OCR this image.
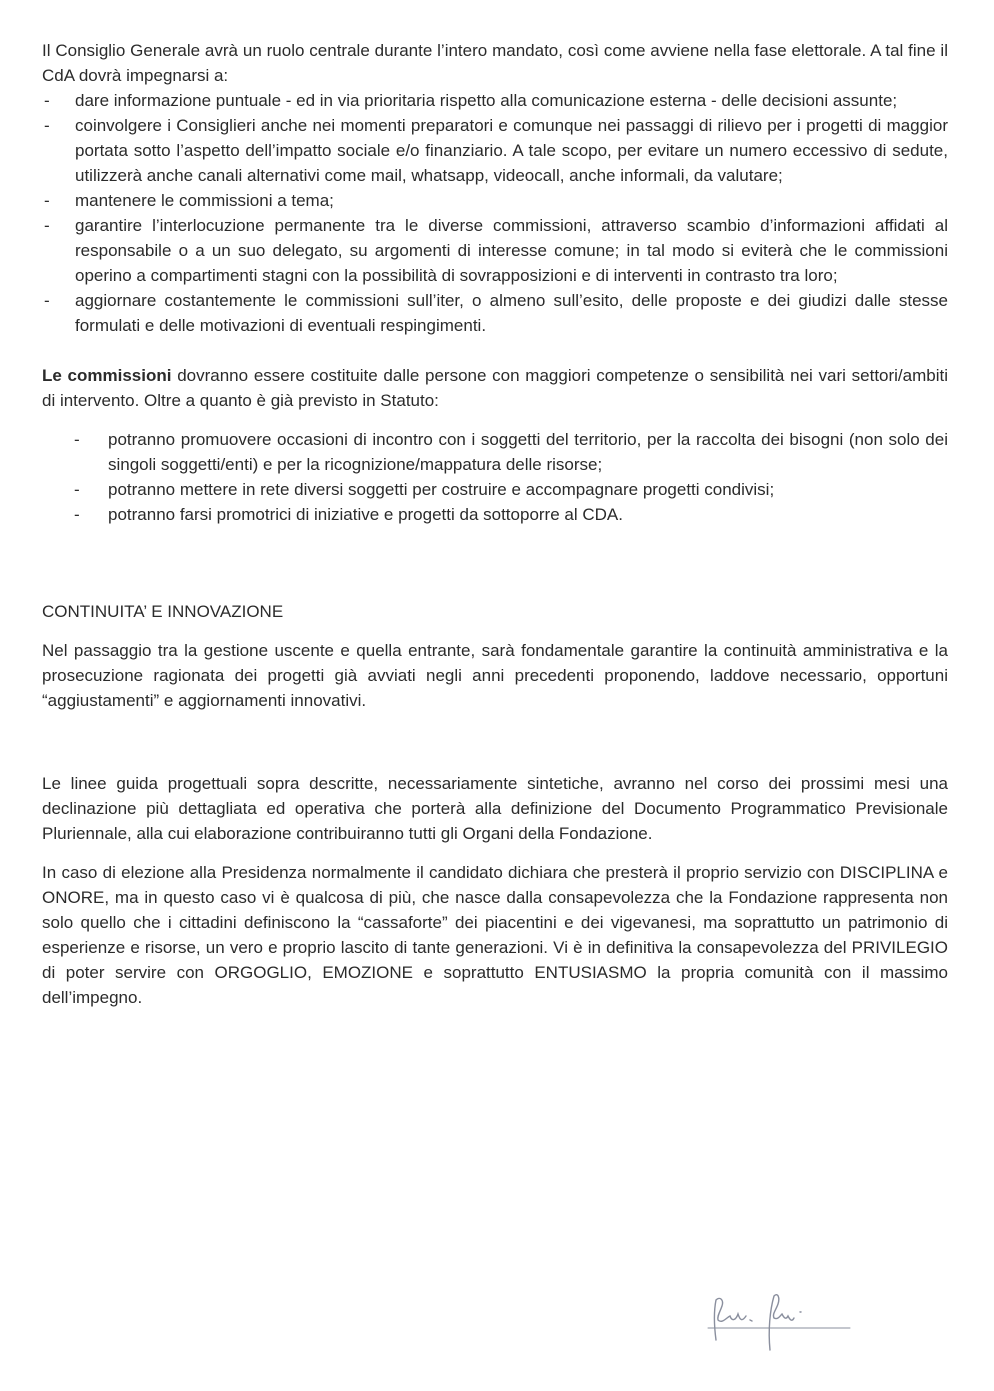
Il Consiglio Generale avrà un ruolo centrale durante l’intero mandato, così come avviene nella fase elettorale. A tal fine il CdA dovrà impegnarsi a:

- dare informazione puntuale - ed in via prioritaria rispetto alla comunicazione esterna - delle decisioni assunte;
- coinvolgere i Consiglieri anche nei momenti preparatori e comunque nei passaggi di rilievo per i progetti di maggior portata sotto l’aspetto dell’impatto sociale e/o finanziario. A tale scopo, per evitare un numero eccessivo di sedute, utilizzerà anche canali alternativi come mail, whatsapp, videocall, anche informali, da valutare;
- mantenere le commissioni a tema;
- garantire l’interlocuzione permanente tra le diverse commissioni, attraverso scambio d’informazioni affidati al responsabile o a un suo delegato, su argomenti di interesse comune; in tal modo si eviterà che le commissioni operino a compartimenti stagni con la possibilità di sovrapposizioni e di interventi in contrasto tra loro;
- aggiornare costantemente le commissioni sull’iter, o almeno sull’esito, delle proposte e dei giudizi dalle stesse formulati e delle motivazioni di eventuali respingimenti.

Le commissioni dovranno essere costituite dalle persone con maggiori competenze o sensibilità nei vari settori/ambiti di intervento. Oltre a quanto è già previsto in Statuto:

- potranno promuovere occasioni di incontro con i soggetti del territorio, per la raccolta dei bisogni (non solo dei singoli soggetti/enti) e per la ricognizione/mappatura delle risorse;
- potranno mettere in rete diversi soggetti per costruire e accompagnare progetti condivisi;
- potranno farsi promotrici di iniziative e progetti da sottoporre al CDA.

CONTINUITA’ E INNOVAZIONE

Nel passaggio tra la gestione uscente e quella entrante, sarà fondamentale garantire la continuità amministrativa e la prosecuzione ragionata dei progetti già avviati negli anni precedenti proponendo, laddove necessario, opportuni “aggiustamenti” e aggiornamenti innovativi.

Le linee guida progettuali sopra descritte, necessariamente sintetiche, avranno nel corso dei prossimi mesi una declinazione più dettagliata ed operativa che porterà alla definizione del Documento Programmatico Previsionale Pluriennale, alla cui elaborazione contribuiranno tutti gli Organi della Fondazione.

In caso di elezione alla Presidenza normalmente il candidato dichiara che presterà il proprio servizio con DISCIPLINA e ONORE, ma in questo caso vi è qualcosa di più, che nasce dalla consapevolezza che la Fondazione rappresenta non solo quello che i cittadini definiscono la “cassaforte” dei piacentini e dei vigevanesi, ma soprattutto un patrimonio di esperienze e risorse, un vero e proprio lascito di tante generazioni. Vi è in definitiva la consapevolezza del PRIVILEGIO di poter servire con ORGOGLIO, EMOZIONE e soprattutto ENTUSIASMO la propria comunità con il massimo dell’impegno.
